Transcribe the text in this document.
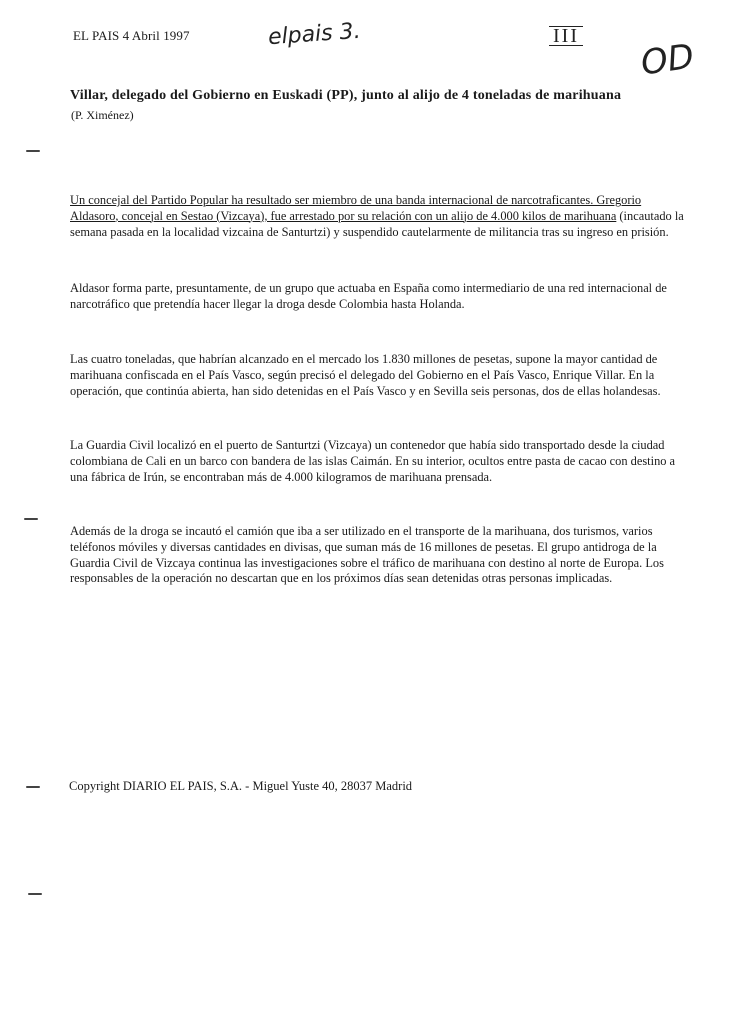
EL PAIS 4 Abril 1997	elpais 3.	III
OD
Villar, delegado del Gobierno en Euskadi (PP), junto al alijo de 4 toneladas de marihuana
(P. Ximénez)
Un concejal del Partido Popular ha resultado ser miembro de una banda internacional de narcotraficantes. Gregorio Aldasoro, concejal en Sestao (Vizcaya), fue arrestado por su relación con un alijo de 4.000 kilos de marihuana (incautado la semana pasada en la localidad vizcaina de Santurtzi) y suspendido cautelarmente de militancia tras su ingreso en prisión.
Aldasor forma parte, presuntamente, de un grupo que actuaba en España como intermediario de una red internacional de narcotráfico que pretendía hacer llegar la droga desde Colombia hasta Holanda.
Las cuatro toneladas, que habrían alcanzado en el mercado los 1.830 millones de pesetas, supone la mayor cantidad de marihuana confiscada en el País Vasco, según precisó el delegado del Gobierno en el País Vasco, Enrique Villar. En la operación, que continúa abierta, han sido detenidas en el País Vasco y en Sevilla seis personas, dos de ellas holandesas.
La Guardia Civil localizó en el puerto de Santurtzi (Vizcaya) un contenedor que había sido transportado desde la ciudad colombiana de Cali en un barco con bandera de las islas Caimán. En su interior, ocultos entre pasta de cacao con destino a una fábrica de Irún, se encontraban más de 4.000 kilogramos de marihuana prensada.
Además de la droga se incautó el camión que iba a ser utilizado en el transporte de la marihuana, dos turismos, varios teléfonos móviles y diversas cantidades en divisas, que suman más de 16 millones de pesetas. El grupo antidroga de la Guardia Civil de Vizcaya continua las investigaciones sobre el tráfico de marihuana con destino al norte de Europa. Los responsables de la operación no descartan que en los próximos días sean detenidas otras personas implicadas.
Copyright DIARIO EL PAIS, S.A. - Miguel Yuste 40, 28037 Madrid
